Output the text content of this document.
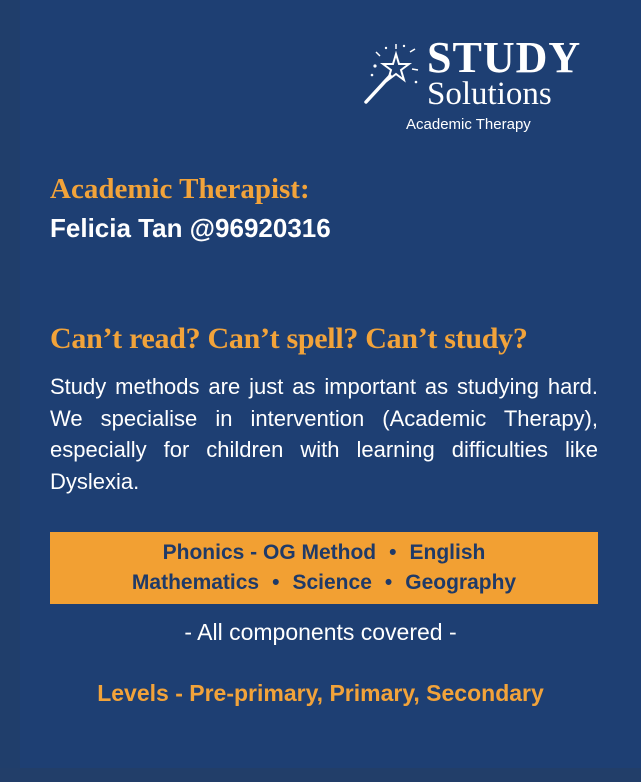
STUDY
Solutions
Academic Therapy
Academic Therapist:
Felicia Tan @96920316
Can’t read? Can’t spell? Can’t study?
Study methods are just as important as studying hard. We specialise in intervention (Academic Therapy), especially for children with learning difficulties like Dyslexia.
Phonics - OG Method • English
Mathematics • Science • Geography
- All components covered -
Levels - Pre-primary, Primary, Secondary
